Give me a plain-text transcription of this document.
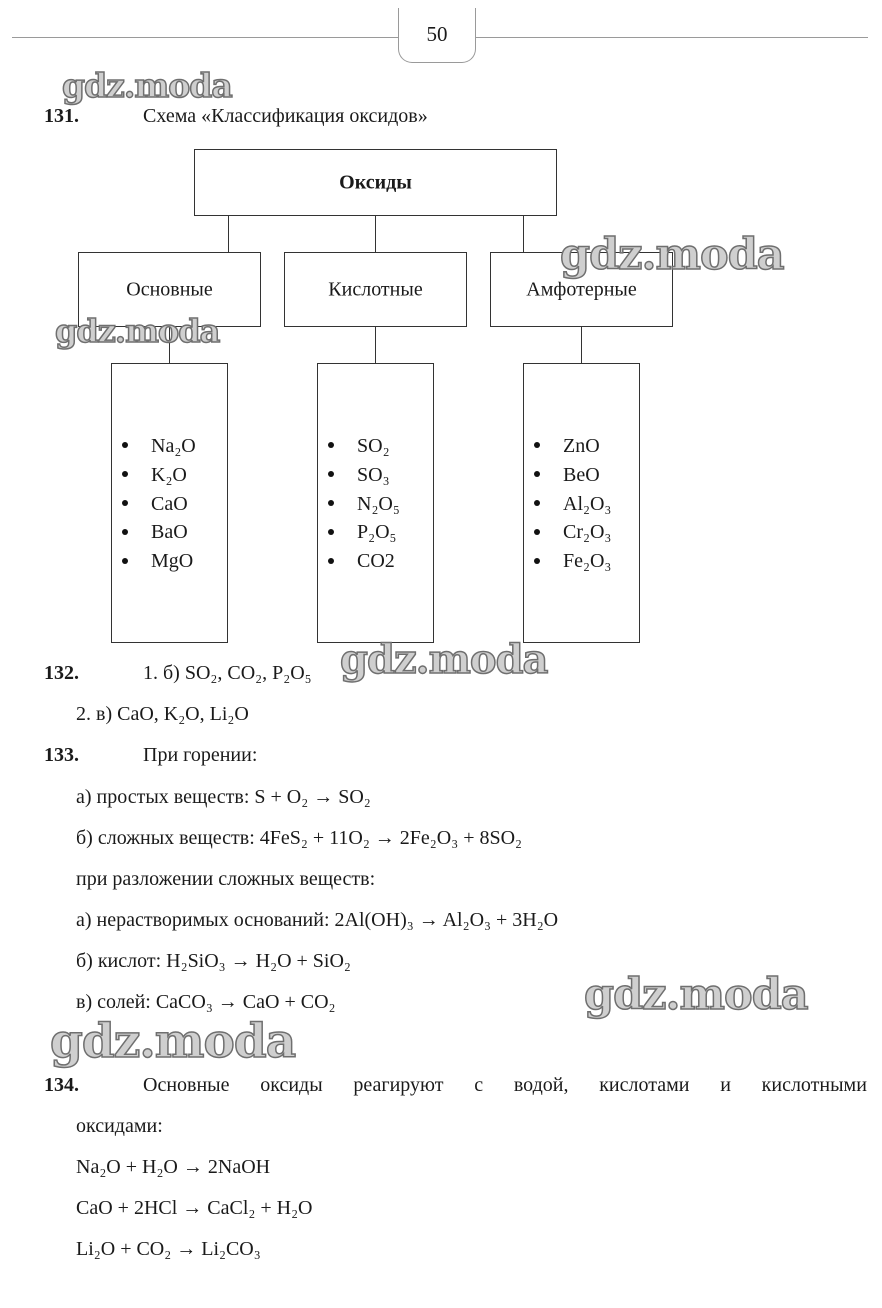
50
131.	Схема «Классификация оксидов»
Оксиды
Основные	Кислотные	Амфотерные
Na₂O
K₂O
CaO
BaO
MgO
SO₂
SO₃
N₂O₅
P₂O₅
CO2
ZnO
BeO
Al₂O₃
Cr₂O₃
Fe₂O₃
132.	1. б) SO₂, CO₂, P₂O₅
2. в) CaO, K₂O, Li₂O
133.	При горении:
а) простых веществ: S + O₂ → SO₂
б) сложных веществ: 4FeS₂ + 11O₂ → 2Fe₂O₃ + 8SO₂
при разложении сложных веществ:
а) нерастворимых оснований: 2Al(OH)₃ → Al₂O₃ + 3H₂O
б) кислот: H₂SiO₃ → H₂O + SiO₂
в) солей: CaCO₃ → CaO + CO₂
134.	Основные оксиды реагируют с водой, кислотами и кислотными
оксидами:
Na₂O + H₂O → 2NaOH
CaO + 2HCl → CaCl₂ + H₂O
Li₂O + CO₂ → Li₂CO₃
gdz.moda
gdz.moda
gdz.moda
gdz.moda
gdz.moda
gdz.moda
